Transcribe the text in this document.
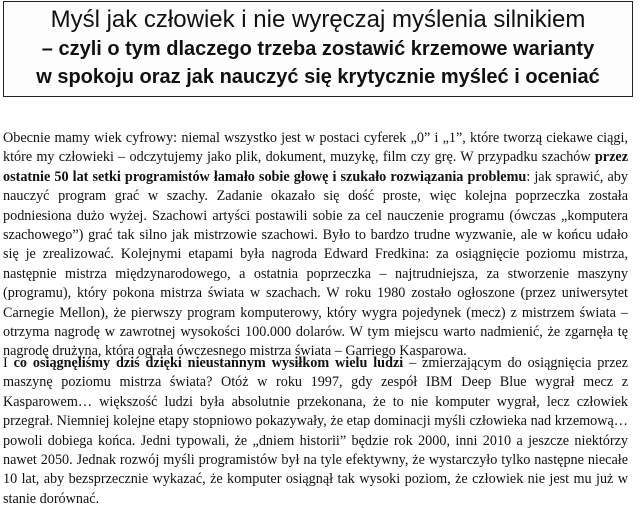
Myśl jak człowiek i nie wyręczaj myślenia silnikiem
– czyli o tym dlaczego trzeba zostawić krzemowe warianty
w spokoju oraz jak nauczyć się krytycznie myśleć i oceniać

Obecnie mamy wiek cyfrowy: niemal wszystko jest w postaci cyferek „0” i „1”, które tworzą ciekawe ciągi, które my człowieki – odczytujemy jako plik, dokument, muzykę, film czy grę. W przypadku szachów przez ostatnie 50 lat setki programistów łamało sobie głowę i szukało rozwiązania problemu: jak sprawić, aby nauczyć program grać w szachy. Zadanie okazało się dość proste, więc kolejna poprzeczka została podniesiona dużo wyżej. Szachowi artyści postawili sobie za cel nauczenie programu (ówczas „komputera szachowego”) grać tak silno jak mistrzowie szachowi. Było to bardzo trudne wyzwanie, ale w końcu udało się je zrealizować. Kolejnymi etapami była nagroda Edward Fredkina: za osiągnięcie poziomu mistrza, następnie mistrza międzynarodowego, a ostatnia poprzeczka – najtrudniejsza, za stworzenie maszyny (programu), który pokona mistrza świata w szachach. W roku 1980 zostało ogłoszone (przez uniwersytet Carnegie Mellon), że pierwszy program komputerowy, który wygra pojedynek (mecz) z mistrzem świata – otrzyma nagrodę w zawrotnej wysokości 100.000 dolarów. W tym miejscu warto nadmienić, że zgarnęła tę nagrodę drużyna, która ograła ówczesnego mistrza świata – Garriego Kasparowa.

I co osiągnęliśmy dziś dzięki nieustannym wysiłkom wielu ludzi – zmierzającym do osiągnięcia przez maszynę poziomu mistrza świata? Otóż w roku 1997, gdy zespół IBM Deep Blue wygrał mecz z Kasparowem… większość ludzi była absolutnie przekonana, że to nie komputer wygrał, lecz człowiek przegrał. Niemniej kolejne etapy stopniowo pokazywały, że etap dominacji myśli człowieka nad krzemową… powoli dobiega końca. Jedni typowali, że „dniem historii” będzie rok 2000, inni 2010 a jeszcze niektórzy nawet 2050. Jednak rozwój myśli programistów był na tyle efektywny, że wystarczyło tylko następne niecałe 10 lat, aby bezsprzecznie wykazać, że komputer osiągnął tak wysoki poziom, że człowiek nie jest mu już w stanie dorównać.
